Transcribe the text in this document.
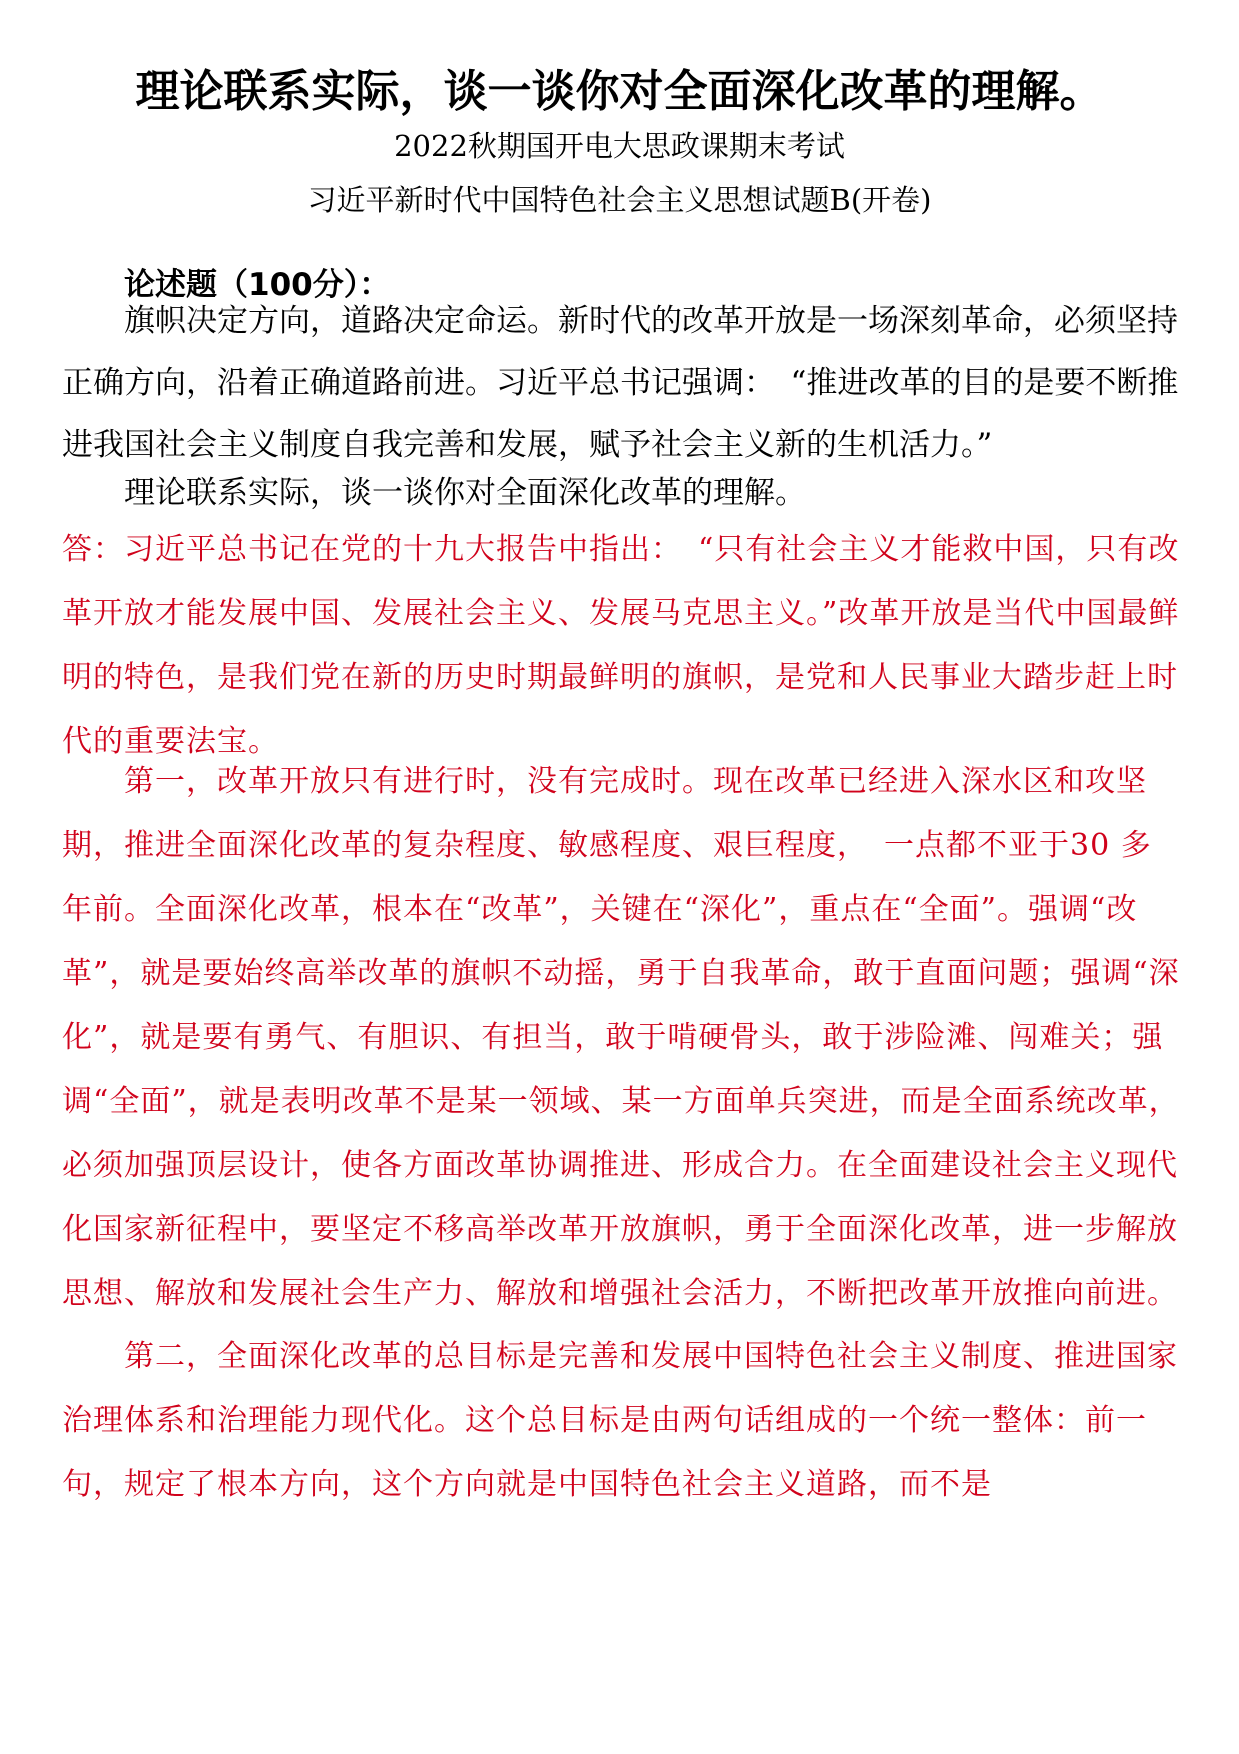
理论联系实际，谈一谈你对全面深化改革的理解。
2022秋期国开电大思政课期末考试
习近平新时代中国特色社会主义思想试题B(开卷)
论述题（100分）：

旗帜决定方向，道路决定命运。新时代的改革开放是一场深刻革命，必须坚持正确方向，沿着正确道路前进。习近平总书记强调：　“推进改革的目的是要不断推进我国社会主义制度自我完善和发展，赋予社会主义新的生机活力。”

理论联系实际，谈一谈你对全面深化改革的理解。

答：习近平总书记在党的十九大报告中指出：　“只有社会主义才能救中国，只有改革开放才能发展中国、发展社会主义、发展马克思主义。”改革开放是当代中国最鲜明的特色，是我们党在新的历史时期最鲜明的旗帜，是党和人民事业大踏步赶上时代的重要法宝。

第一，改革开放只有进行时，没有完成时。现在改革已经进入深水区和攻坚期，推进全面深化改革的复杂程度、敏感程度、艰巨程度，　一点都不亚于30 多年前。全面深化改革，根本在“改革”，关键在“深化”，重点在“全面”。强调“改革”，就是要始终高举改革的旗帜不动摇，勇于自我革命，敢于直面问题；强调“深化”，就是要有勇气、有胆识、有担当，敢于啃硬骨头，敢于涉险滩、闯难关；强调“全面”，就是表明改革不是某一领域、某一方面单兵突进，而是全面系统改革，必须加强顶层设计，使各方面改革协调推进、形成合力。在全面建设社会主义现代化国家新征程中，要坚定不移高举改革开放旗帜，勇于全面深化改革，进一步解放思想、解放和发展社会生产力、解放和增强社会活力，不断把改革开放推向前进。

第二，全面深化改革的总目标是完善和发展中国特色社会主义制度、推进国家治理体系和治理能力现代化。这个总目标是由两句话组成的一个统一整体：前一句，规定了根本方向，这个方向就是中国特色社会主义道路，而不是
